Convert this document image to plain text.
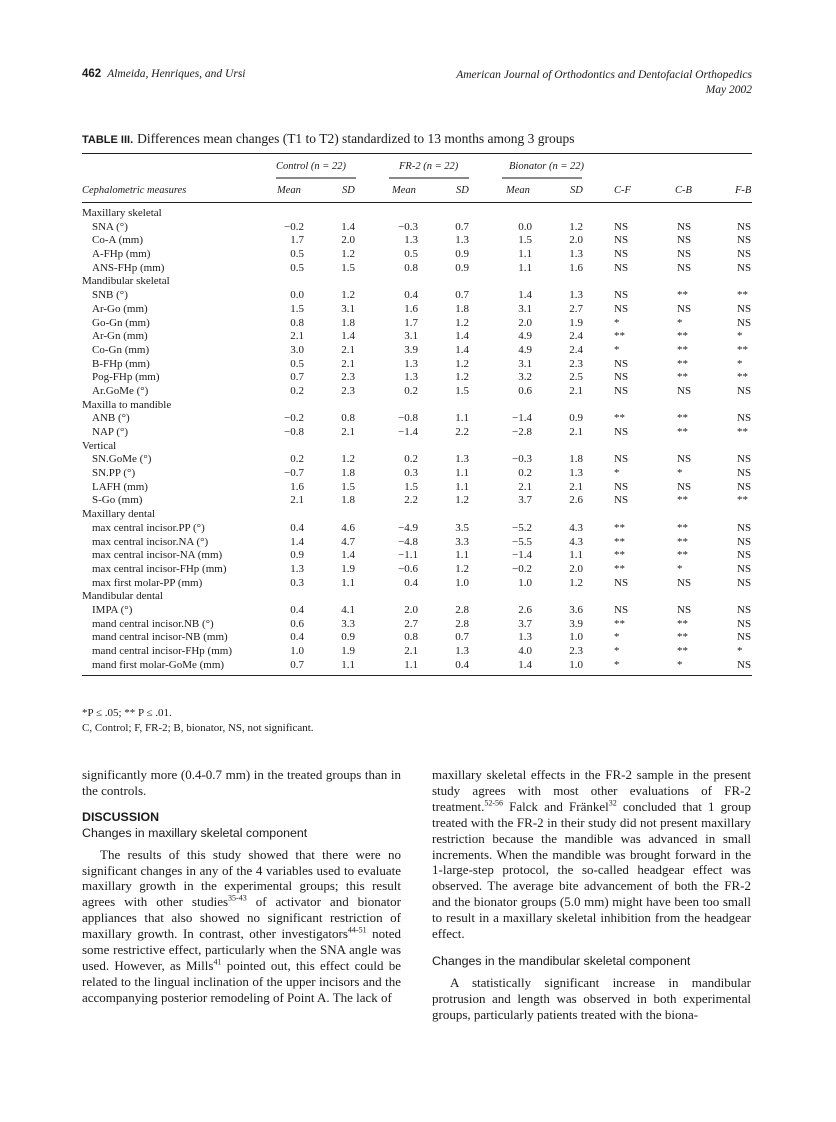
462 Almeida, Henriques, and Ursi	American Journal of Orthodontics and Dentofacial Orthopedics
May 2002
TABLE III. Differences mean changes (T1 to T2) standardized to 13 months among 3 groups
Control (n = 22)	FR-2 (n = 22)	Bionator (n = 22)
Cephalometric measures	Mean	SD	Mean	SD	Mean	SD	C-F	C-B	F-B
Maxillary skeletal
SNA (°)	−0.2	1.4	−0.3	0.7	0.0	1.2	NS	NS	NS
Co-A (mm)	1.7	2.0	1.3	1.3	1.5	2.0	NS	NS	NS
A-FHp (mm)	0.5	1.2	0.5	0.9	1.1	1.3	NS	NS	NS
ANS-FHp (mm)	0.5	1.5	0.8	0.9	1.1	1.6	NS	NS	NS
Mandibular skeletal
SNB (°)	0.0	1.2	0.4	0.7	1.4	1.3	NS	**	**
Ar-Go (mm)	1.5	3.1	1.6	1.8	3.1	2.7	NS	NS	NS
Go-Gn (mm)	0.8	1.8	1.7	1.2	2.0	1.9	*	*	NS
Ar-Gn (mm)	2.1	1.4	3.1	1.4	4.9	2.4	**	**	*
Co-Gn (mm)	3.0	2.1	3.9	1.4	4.9	2.4	*	**	**
B-FHp (mm)	0.5	2.1	1.3	1.2	3.1	2.3	NS	**	*
Pog-FHp (mm)	0.7	2.3	1.3	1.2	3.2	2.5	NS	**	**
Ar.GoMe (°)	0.2	2.3	0.2	1.5	0.6	2.1	NS	NS	NS
Maxilla to mandible
ANB (°)	−0.2	0.8	−0.8	1.1	−1.4	0.9	**	**	NS
NAP (°)	−0.8	2.1	−1.4	2.2	−2.8	2.1	NS	**	**
Vertical
SN.GoMe (°)	0.2	1.2	0.2	1.3	−0.3	1.8	NS	NS	NS
SN.PP (°)	−0.7	1.8	0.3	1.1	0.2	1.3	*	*	NS
LAFH (mm)	1.6	1.5	1.5	1.1	2.1	2.1	NS	NS	NS
S-Go (mm)	2.1	1.8	2.2	1.2	3.7	2.6	NS	**	**
Maxillary dental
max central incisor.PP (°)	0.4	4.6	−4.9	3.5	−5.2	4.3	**	**	NS
max central incisor.NA (°)	1.4	4.7	−4.8	3.3	−5.5	4.3	**	**	NS
max central incisor-NA (mm)	0.9	1.4	−1.1	1.1	−1.4	1.1	**	**	NS
max central incisor-FHp (mm)	1.3	1.9	−0.6	1.2	−0.2	2.0	**	*	NS
max first molar-PP (mm)	0.3	1.1	0.4	1.0	1.0	1.2	NS	NS	NS
Mandibular dental
IMPA (°)	0.4	4.1	2.0	2.8	2.6	3.6	NS	NS	NS
mand central incisor.NB (°)	0.6	3.3	2.7	2.8	3.7	3.9	**	**	NS
mand central incisor-NB (mm)	0.4	0.9	0.8	0.7	1.3	1.0	*	**	NS
mand central incisor-FHp (mm)	1.0	1.9	2.1	1.3	4.0	2.3	*	**	*
mand first molar-GoMe (mm)	0.7	1.1	1.1	0.4	1.4	1.0	*	*	NS
*P ≤ .05; ** P ≤ .01.
C, Control; F, FR-2; B, bionator, NS, not significant.

significantly more (0.4-0.7 mm) in the treated groups than in the controls.

DISCUSSION
Changes in maxillary skeletal component

The results of this study showed that there were no significant changes in any of the 4 variables used to evaluate maxillary growth in the experimental groups; this result agrees with other studies$^{35-43}$ of activator and bionator appliances that also showed no significant restriction of maxillary growth. In contrast, other investigators$^{44-51}$ noted some restrictive effect, particularly when the SNA angle was used. However, as Mills$^{41}$ pointed out, this effect could be related to the lingual inclination of the upper incisors and the accompanying posterior remodeling of Point A. The lack of

maxillary skeletal effects in the FR-2 sample in the present study agrees with most other evaluations of FR-2 treatment.$^{52-56}$ Falck and Fränkel$^{32}$ concluded that 1 group treated with the FR-2 in their study did not present maxillary restriction because the mandible was advanced in small increments. When the mandible was brought forward in the 1-large-step protocol, the so-called headgear effect was observed. The average bite advancement of both the FR-2 and the bionator groups (5.0 mm) might have been too small to result in a maxillary skeletal inhibition from the headgear effect.

Changes in the mandibular skeletal component

A statistically significant increase in mandibular protrusion and length was observed in both experimental groups, particularly patients treated with the biona-
